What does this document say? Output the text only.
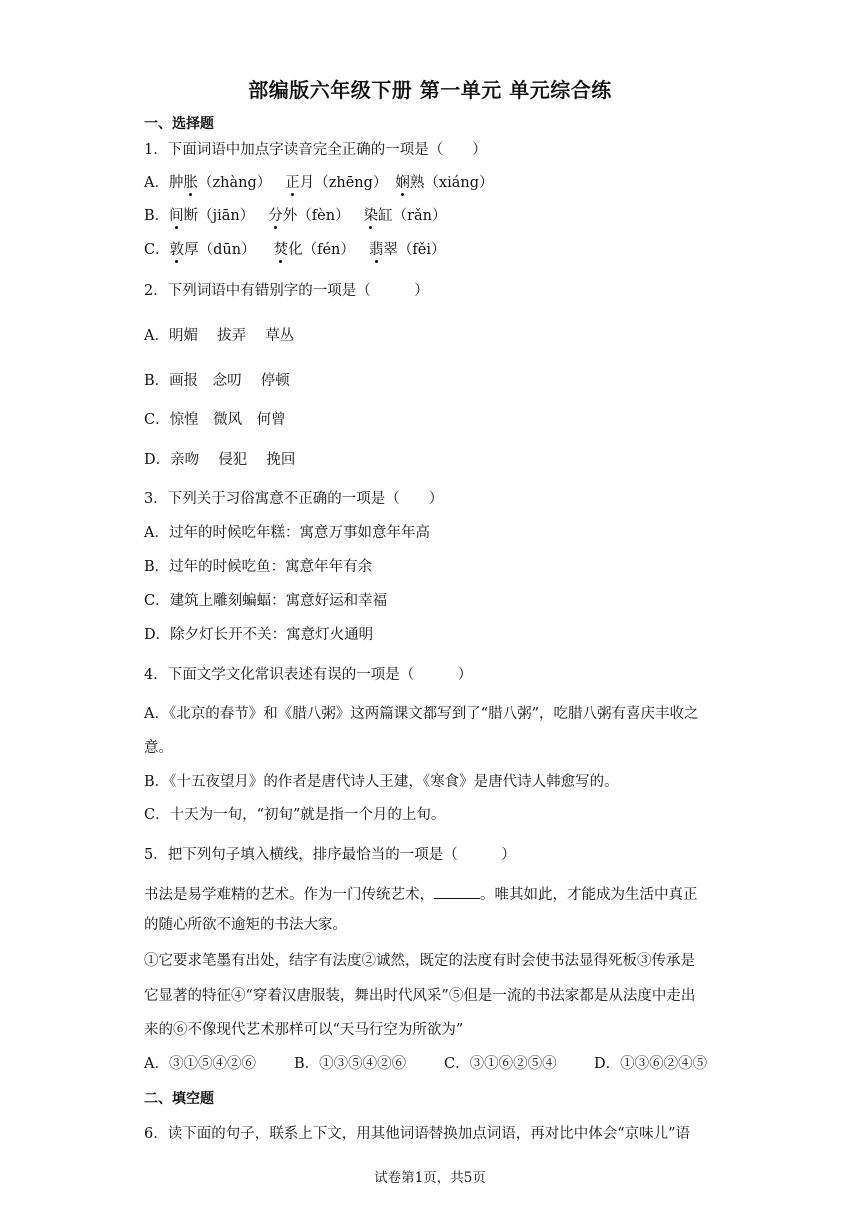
部编版六年级下册 第一单元 单元综合练
一、选择题
1．下面词语中加点字读音完全正确的一项是（　　）
A．肿胀（zhàng） 正月（zhēng） 娴熟（xiáng）
B．间断（jiān） 分外（fèn） 染缸（rǎn）
C．敦厚（dūn） 焚化（fén） 翡翠（fěi）
2．下列词语中有错别字的一项是（　　　）
A．明媚　 拔弄　 草丛
B．画报　念叨　 停顿
C．惊惶　微风　何曾
D．亲吻　 侵犯　 挽回
3．下列关于习俗寓意不正确的一项是（　　）
A．过年的时候吃年糕：寓意万事如意年年高
B．过年的时候吃鱼：寓意年年有余
C．建筑上雕刻蝙蝠：寓意好运和幸福
D．除夕灯长开不关：寓意灯火通明
4．下面文学文化常识表述有误的一项是（　　　）
A．《北京的春节》和《腊八粥》这两篇课文都写到了“腊八粥”，吃腊八粥有喜庆丰收之
意。
B．《十五夜望月》的作者是唐代诗人王建，《寒食》是唐代诗人韩愈写的。
C．十天为一旬，“初旬”就是指一个月的上旬。
5．把下列句子填入横线，排序最恰当的一项是（　　　）
书法是易学难精的艺术。作为一门传统艺术，	。唯其如此，才能成为生活中真正
的随心所欲不逾矩的书法大家。
①它要求笔墨有出处，结字有法度②诚然，既定的法度有时会使书法显得死板③传承是
它显著的特征④“穿着汉唐服装，舞出时代风采”⑤但是一流的书法家都是从法度中走出
来的⑥不像现代艺术那样可以“天马行空为所欲为”
A．③①⑤④②⑥	B．①③⑤④②⑥	C．③①⑥②⑤④	D．①③⑥②④⑤
二、填空题
6．读下面的句子，联系上下文，用其他词语替换加点词语，再对比中体会“京味儿”语
试卷第1页，共5页
